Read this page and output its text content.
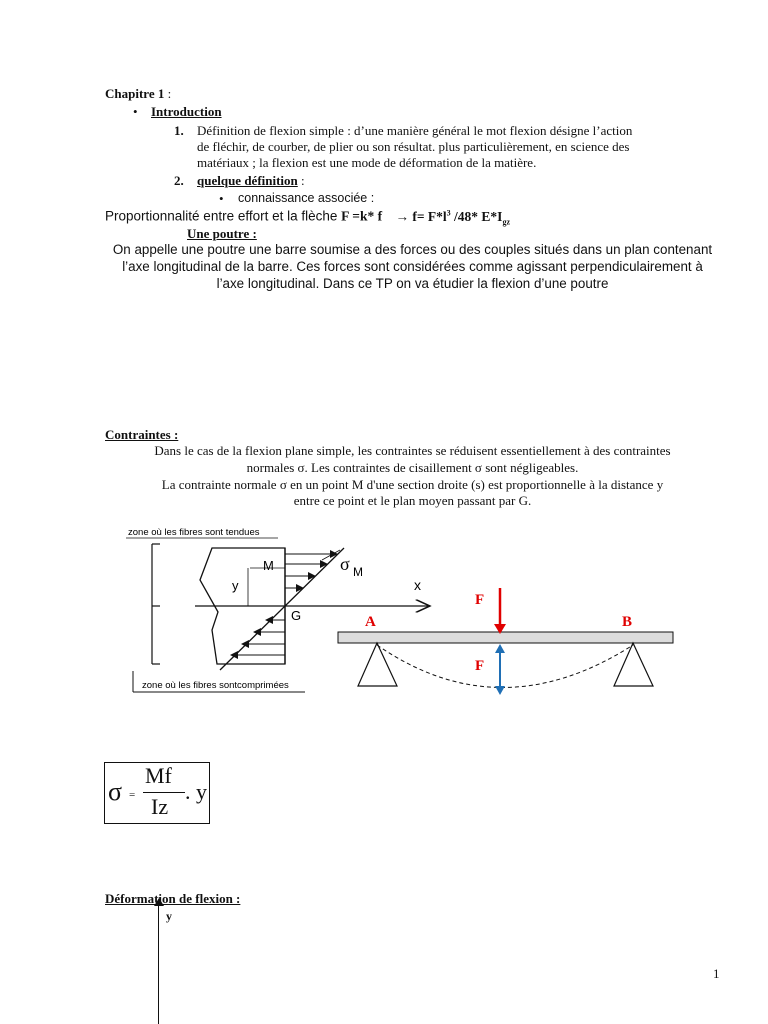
Chapitre 1 :
• Introduction
1. Définition de flexion simple : d’une manière général le mot flexion désigne l’action
de fléchir, de courber, de plier ou son résultat. plus particulièrement, en science des
matériaux ; la flexion est une mode de déformation de la matière.
2. quelque définition :
• connaissance associée :
Proportionnalité entre effort et la flèche F =k* $f \to f= F*l^3$ /48* $E*I_{gz}$
Une poutre :
On appelle une poutre une barre soumise a des forces ou des couples situés dans un plan contenant
l’axe longitudinal de la barre. Ces forces sont considérées comme agissant perpendiculairement à
l’axe longitudinal. Dans ce TP on va étudier la flexion d’une poutre
Contraintes :
Dans le cas de la flexion plane simple, les contraintes se réduisent essentiellement à des contraintes
normales σ. Les contraintes de cisaillement σ sont négligeables.
La contrainte normale σ en un point M d'une section droite (s) est proportionnelle à la distance y
entre ce point et le plan moyen passant par G.
zone où les fibres sont tendues
zone où les fibres sontcomprimées
M
y
G
σ M
x
F
F
A	B
σ =
Mf
Iz
. y
Déformation de flexion :
y
1
